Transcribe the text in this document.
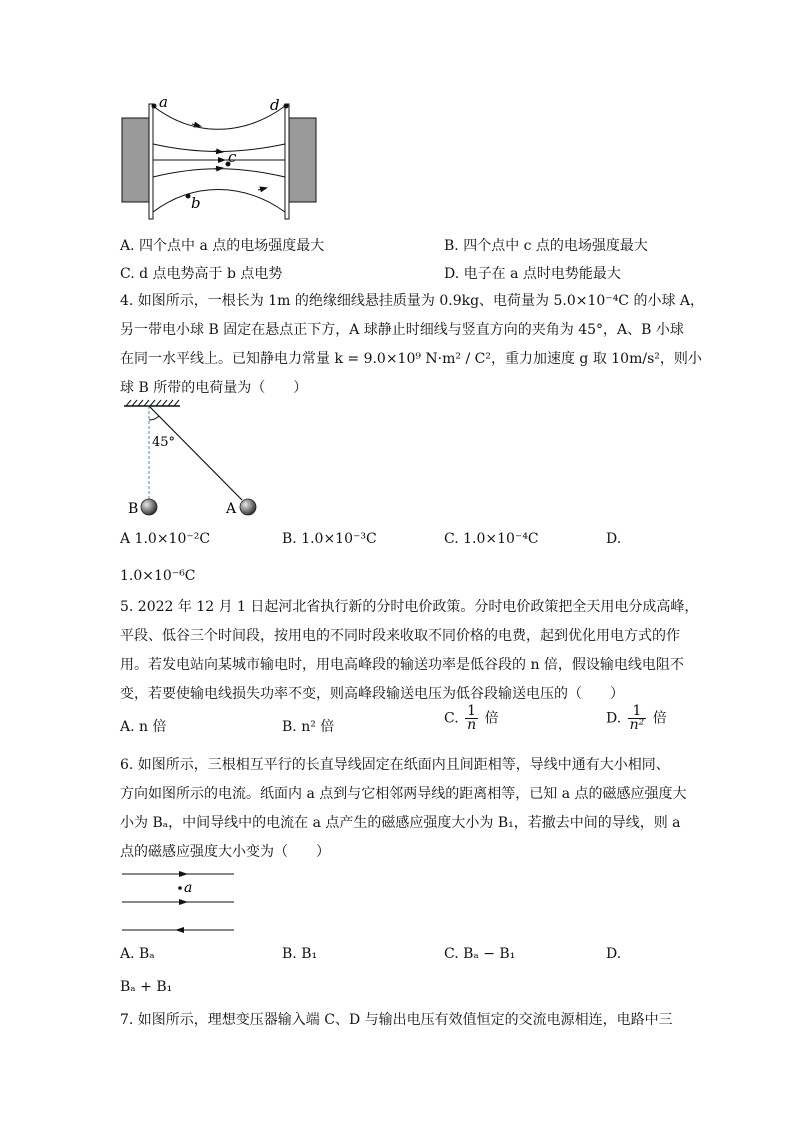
a	d
c
b
A. 四个点中 a 点的电场强度最大	B. 四个点中 c 点的电场强度最大
C. d 点电势高于 b 点电势	D. 电子在 a 点时电势能最大
4. 如图所示，一根长为 1m 的绝缘细线悬挂质量为 0.9kg、电荷量为 5.0×10⁻⁴C 的小球 A，
另一带电小球 B 固定在悬点正下方，A 球静止时细线与竖直方向的夹角为 45°，A、B 小球
在同一水平线上。已知静电力常量 k = 9.0×10⁹ N·m² / C²，重力加速度 g 取 10m/s²，则小
球 B 所带的电荷量为（　　）
45°
B	A
A 1.0×10⁻²C	B. 1.0×10⁻³C	C. 1.0×10⁻⁴C	D.
1.0×10⁻⁶C
5. 2022 年 12 月 1 日起河北省执行新的分时电价政策。分时电价政策把全天用电分成高峰，
平段、低谷三个时间段，按用电的不同时段来收取不同价格的电费，起到优化用电方式的作
用。若发电站向某城市输电时，用电高峰段的输送功率是低谷段的 n 倍，假设输电线电阻不
变，若要使输电线损失功率不变，则高峰段输送电压为低谷段输送电压的（　　）
A. n 倍	B. n² 倍
C. $\frac{1}{n}$ 倍	D. $\frac{1}{\text{n²}}$ 倍
6. 如图所示，三根相互平行的长直导线固定在纸面内且间距相等，导线中通有大小相同、
方向如图所示的电流。纸面内 a 点到与它相邻两导线的距离相等，已知 a 点的磁感应强度大
小为 Bₐ，中间导线中的电流在 a 点产生的磁感应强度大小为 B₁，若撤去中间的导线，则 a
点的磁感应强度大小变为（　　）
a
A. Bₐ	B. B₁	C. Bₐ − B₁	D.
Bₐ + B₁
7. 如图所示，理想变压器输入端 C、D 与输出电压有效值恒定的交流电源相连，电路中三
